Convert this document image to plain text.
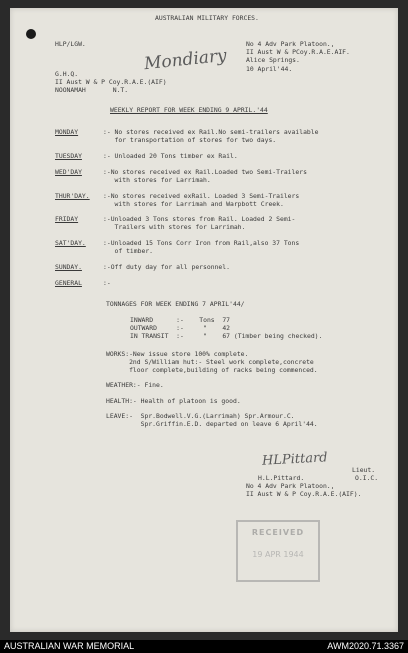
AUSTRALIAN MILITARY FORCES.
HLP/LGW.
Mondiary
No 4 Adv Park Platoon.,
II Aust W & PCoy.R.A.E.AIF.
Alice Springs.
10 April'44.
G.H.Q.
II Aust W & P Coy.R.A.E.(AIF)
NOONAMAH       N.T.
WEEKLY REPORT FOR WEEK ENDING 9 APRIL.'44
MONDAY	:- No stores received ex Rail.No semi-trailers available
for transportation of stores for two days.
TUESDAY	:- Unloaded 20 Tons timber ex Rail.
WED'DAY	:-No stores received ex Rail.Loaded two Semi-Trailers
with stores for Larrimah.
THUR'DAY. :-No stores received exRail. Loaded 3 Semi-Trailers
with stores for Larrimah and Warpbott Creek.
FRIDAY	:-Unloaded 3 Tons stores from Rail. Loaded 2 Semi-
Trailers with stores for Larrimah.
SAT'DAY.	:-Unloaded 15 Tons Corr Iron from Rail,also 37 Tons
of timber.
SUNDAY.	:-Off duty day for all personnel.
GENERAL	:-
TONNAGES FOR WEEK ENDING 7 APRIL'44/
INWARD      :-    Tons  77
OUTWARD     :-     "    42
IN TRANSIT  :-     "    67 (Timber being checked).
WORKS:-New issue store 100% complete.
2nd S/William hut:- Steel work complete,concrete
floor complete,building of racks being commenced.
WEATHER:- Fine.
HEALTH:- Health of platoon is good.
LEAVE:-  Spr.Bodwell.V.G.(Larrimah) Spr.Armour.C.
Spr.Griffin.E.D. departed on leave 6 April'44.
HLPittard
Lieut.
H.L.Pittard.	O.I.C.
No 4 Adv Park Platoon.,
II Aust W & P Coy.R.A.E.(AIF).
RECEIVED
19 APR 1944
AUSTRALIAN WAR MEMORIAL	AWM2020.71.3367
